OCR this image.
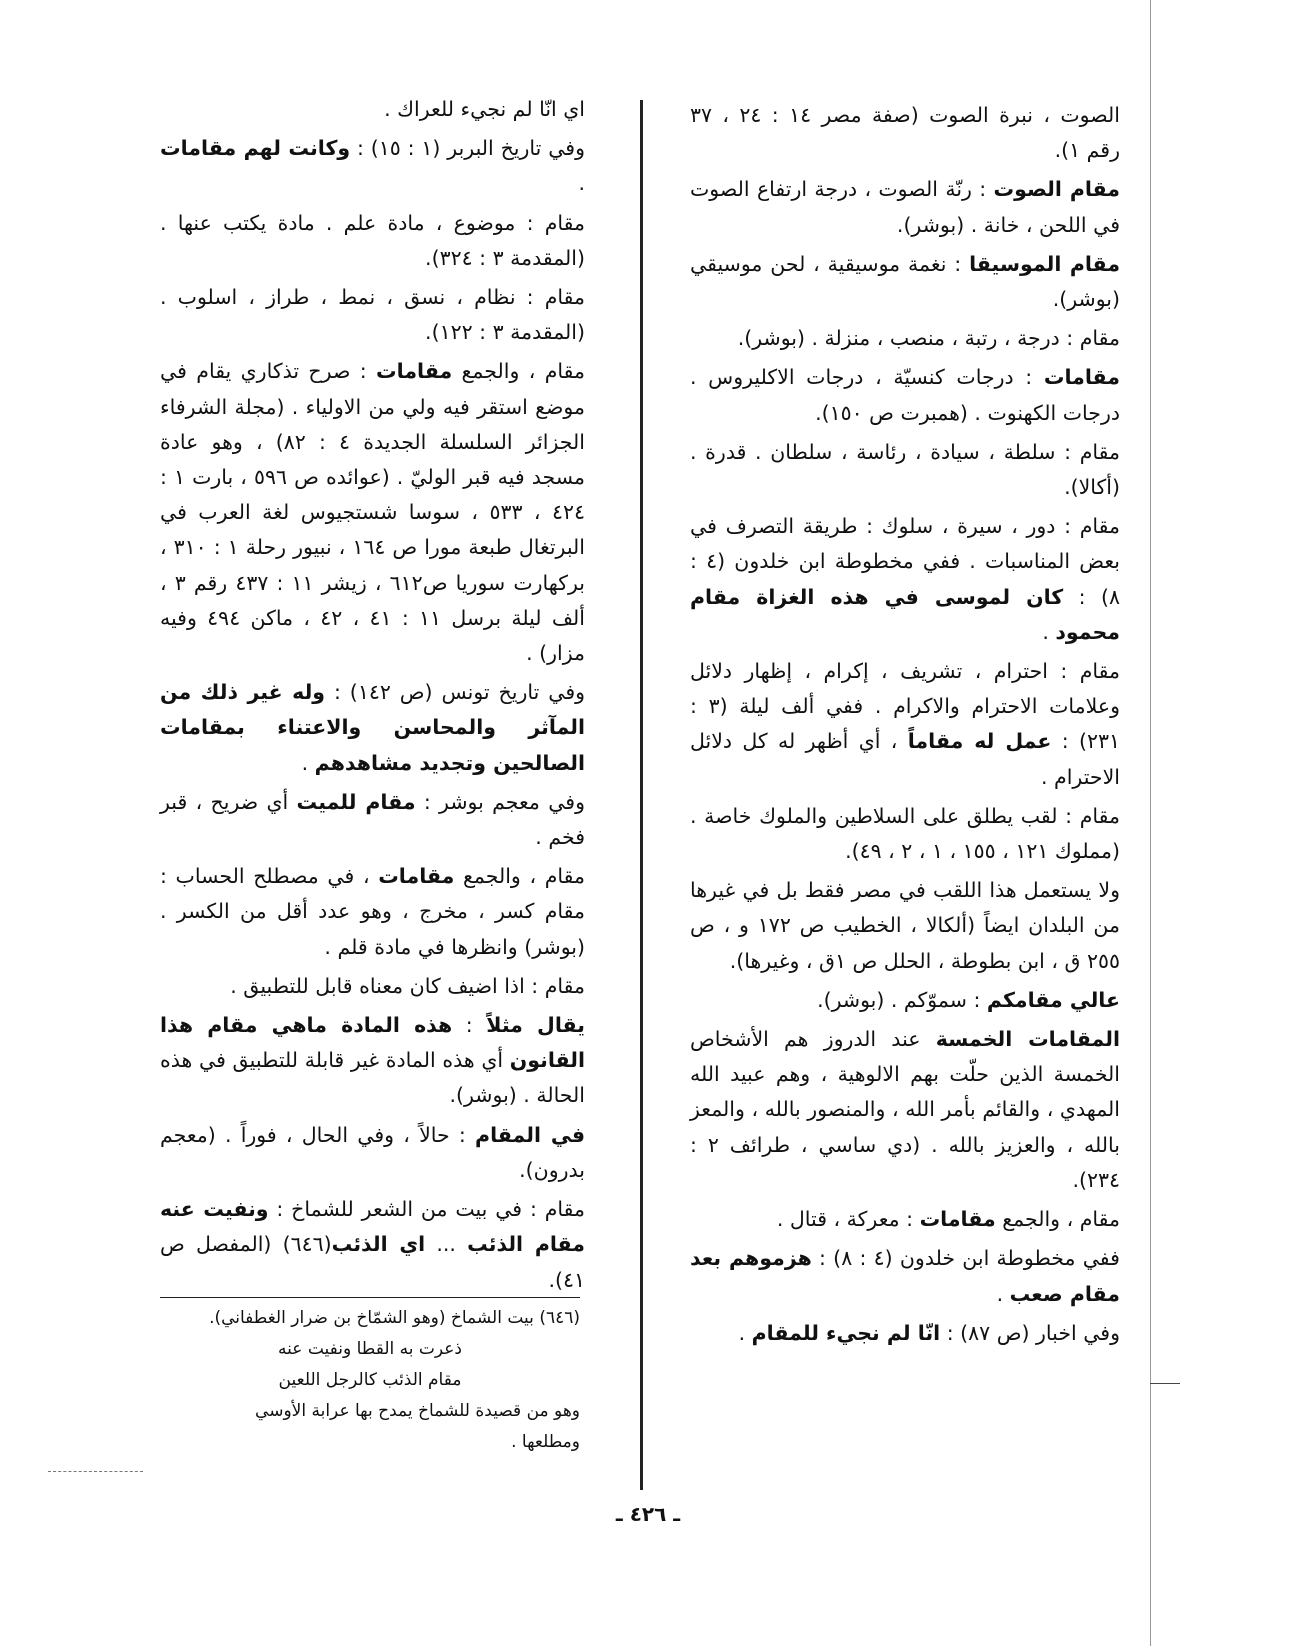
الصوت ، نبرة الصوت (صفة مصر ١٤ : ٢٤ ، ٣٧ رقم ١).

مقام الصوت : رنّة الصوت ، درجة ارتفاع الصوت في اللحن ، خانة . (بوشر).

مقام الموسيقا : نغمة موسيقية ، لحن موسيقي (بوشر).

مقام : درجة ، رتبة ، منصب ، منزلة . (بوشر).

مقامات : درجات كنسيّة ، درجات الاكليروس . درجات الكهنوت . (همبرت ص ١٥٠).

مقام : سلطة ، سيادة ، رئاسة ، سلطان . قدرة . (أكالا).

مقام : دور ، سيرة ، سلوك : طريقة التصرف في بعض المناسبات . ففي مخطوطة ابن خلدون (٤ : ٨) : كان لموسى في هذه الغزاة مقام محمود .

مقام : احترام ، تشريف ، إكرام ، إظهار دلائل وعلامات الاحترام والاكرام . ففي ألف ليلة (٣ : ٢٣١) : عمل له مقاماً ، أي أظهر له كل دلائل الاحترام .

مقام : لقب يطلق على السلاطين والملوك خاصة . (مملوك ١٢١ ، ١٥٥ ، ١ ، ٢ ، ٤٩).

ولا يستعمل هذا اللقب في مصر فقط بل في غيرها من البلدان ايضاً (ألكالا ، الخطيب ص ١٧٢ و ، ص ٢٥٥ ق ، ابن بطوطة ، الحلل ص ١ق ، وغيرها).

عالي مقامكم : سموّكم . (بوشر).

المقامات الخمسة عند الدروز هم الأشخاص الخمسة الذين حلّت بهم الالوهية ، وهم عبيد الله المهدي ، والقائم بأمر الله ، والمنصور بالله ، والمعز بالله ، والعزيز بالله . (دي ساسي ، طرائف ٢ : ٢٣٤).

مقام ، والجمع مقامات : معركة ، قتال .

ففي مخطوطة ابن خلدون (٤ : ٨) : هزموهم بعد مقام صعب .

وفي اخبار (ص ٨٧) : انّا لم نجيء للمقام .

اي انّا لم نجيء للعراك .

وفي تاريخ البربر (١ : ١٥) : وكانت لهم مقامات .

مقام : موضوع ، مادة علم . مادة يكتب عنها . (المقدمة ٣ : ٣٢٤).

مقام : نظام ، نسق ، نمط ، طراز ، اسلوب . (المقدمة ٣ : ١٢٢).

مقام ، والجمع مقامات : صرح تذكاري يقام في موضع استقر فيه ولي من الاولياء . (مجلة الشرفاء الجزائر السلسلة الجديدة ٤ : ٨٢) ، وهو عادة مسجد فيه قبر الوليّ . (عوائده ص ٥٩٦ ، بارت ١ : ٤٢٤ ، ٥٣٣ ، سوسا شستجيوس لغة العرب في البرتغال طبعة مورا ص ١٦٤ ، نبيور رحلة ١ : ٣١٠ ، بركهارت سوريا ص٦١٢ ، زيشر ١١ : ٤٣٧ رقم ٣ ، ألف ليلة برسل ١١ : ٤١ ، ٤٢ ، ماكن ٤٩٤ وفيه مزار) .

وفي تاريخ تونس (ص ١٤٢) : وله غير ذلك من المآثر والمحاسن والاعتناء بمقامات الصالحين وتجديد مشاهدهم .

وفي معجم بوشر : مقام للميت أي ضريح ، قبر فخم .

مقام ، والجمع مقامات ، في مصطلح الحساب : مقام كسر ، مخرج ، وهو عدد أقل من الكسر . (بوشر) وانظرها في مادة قلم .

مقام : اذا اضيف كان معناه قابل للتطبيق .

يقال مثلاً : هذه المادة ماهي مقام هذا القانون أي هذه المادة غير قابلة للتطبيق في هذه الحالة . (بوشر).

في المقام : حالاً ، وفي الحال ، فوراً . (معجم بدرون).

مقام : في بيت من الشعر للشماخ : ونفيت عنه مقام الذئب ... اي الذئب(٦٤٦) (المفصل ص ٤١).

(٦٤٦) بيت الشماخ (وهو الشمّاخ بن ضرار الغطفاني).
ذعرت به القطا ونفيت عنه
مقام الذئب كالرجل اللعين
وهو من قصيدة للشماخ يمدح بها عرابة الأوسي
ومطلعها .
ـ ٤٢٦ ـ
